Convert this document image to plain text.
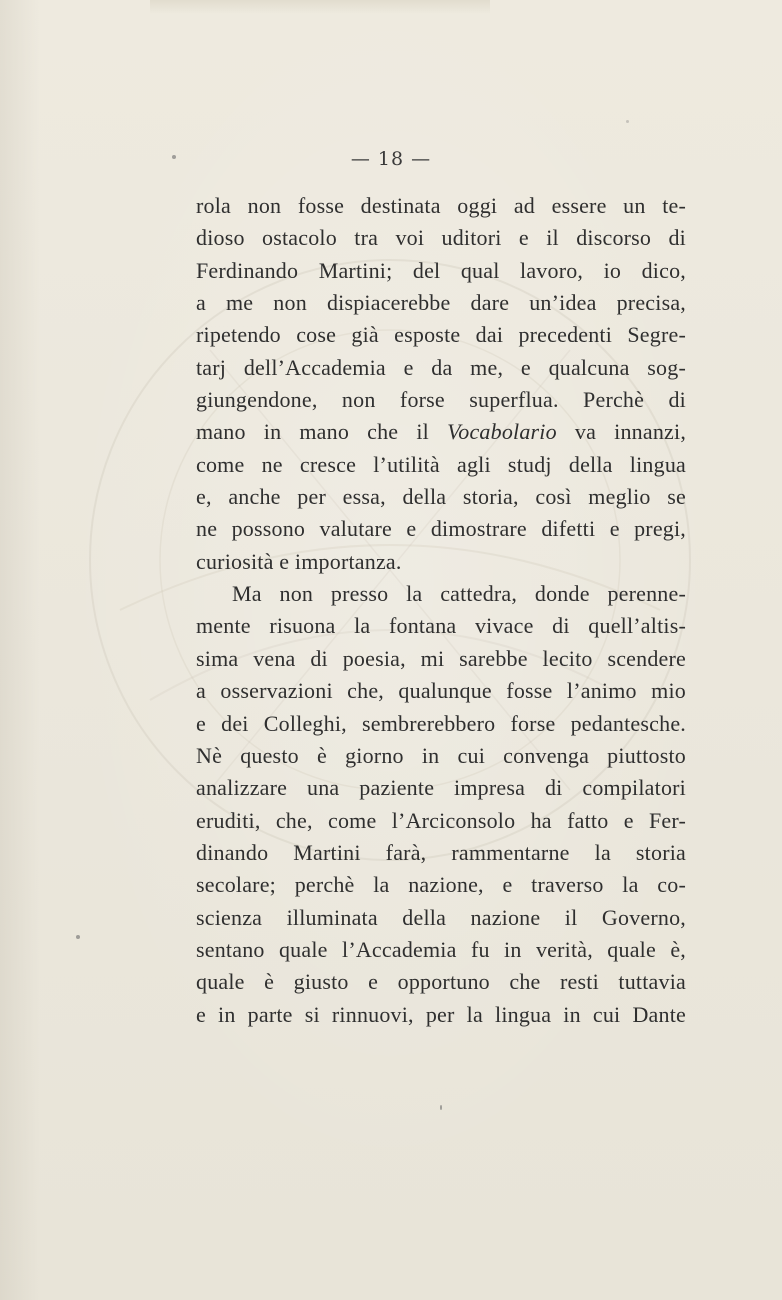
— 18 —
rola non fosse destinata oggi ad essere un te-
dioso ostacolo tra voi uditori e il discorso di
Ferdinando Martini; del qual lavoro, io dico,
a me non dispiacerebbe dare un’idea precisa,
ripetendo cose già esposte dai precedenti Segre-
tarj dell’Accademia e da me, e qualcuna sog-
giungendone, non forse superflua. Perchè di
mano in mano che il Vocabolario va innanzi,
come ne cresce l’utilità agli studj della lingua
e, anche per essa, della storia, così meglio se
ne possono valutare e dimostrare difetti e pregi,
curiosità e importanza.
Ma non presso la cattedra, donde perenne-
mente risuona la fontana vivace di quell’altis-
sima vena di poesia, mi sarebbe lecito scendere
a osservazioni che, qualunque fosse l’animo mio
e dei Colleghi, sembrerebbero forse pedantesche.
Nè questo è giorno in cui convenga piuttosto
analizzare una paziente impresa di compilatori
eruditi, che, come l’Arciconsolo ha fatto e Fer-
dinando Martini farà, rammentarne la storia
secolare; perchè la nazione, e traverso la co-
scienza illuminata della nazione il Governo,
sentano quale l’Accademia fu in verità, quale è,
quale è giusto e opportuno che resti tuttavia
e in parte si rinnuovi, per la lingua in cui Dante
